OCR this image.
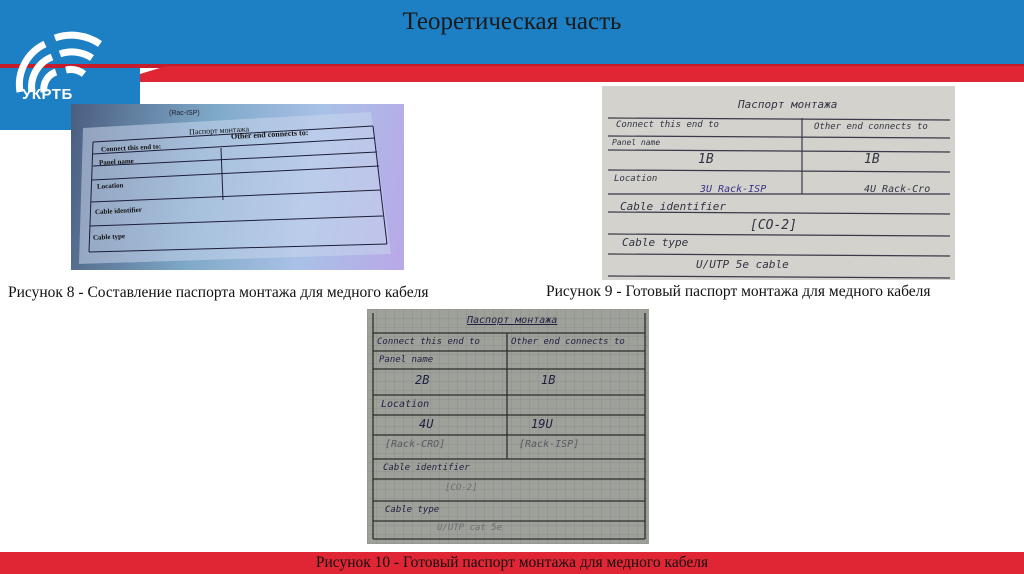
УКРТБ
Теоретическая часть
(Rac-ISP)
Паспорт монтажа
Connect this end to:
Other end connects to:
Panel name
Location
Cable identifier
Cable type
Рисунок 8 - Составление паспорта монтажа для медного кабеля
Паспорт монтажа
Connect this end to	Other end connects to
Panel name
1B	1B
Location
3U Rack-ISP	4U Rack-Cro
Cable identifier
[CO-2]
Cable type
U/UTP 5e cable
Рисунок 9 - Готовый паспорт монтажа для медного кабеля
Паспорт монтажа
Connect this end to	Other end connects to
Panel name
2B	1B
Location
4U	19U
[Rack-CRO]	[Rack-ISP]
Cable identifier
[CO-2]
Cable type
U/UTP cat 5e
Рисунок 10 - Готовый паспорт монтажа для медного кабеля
